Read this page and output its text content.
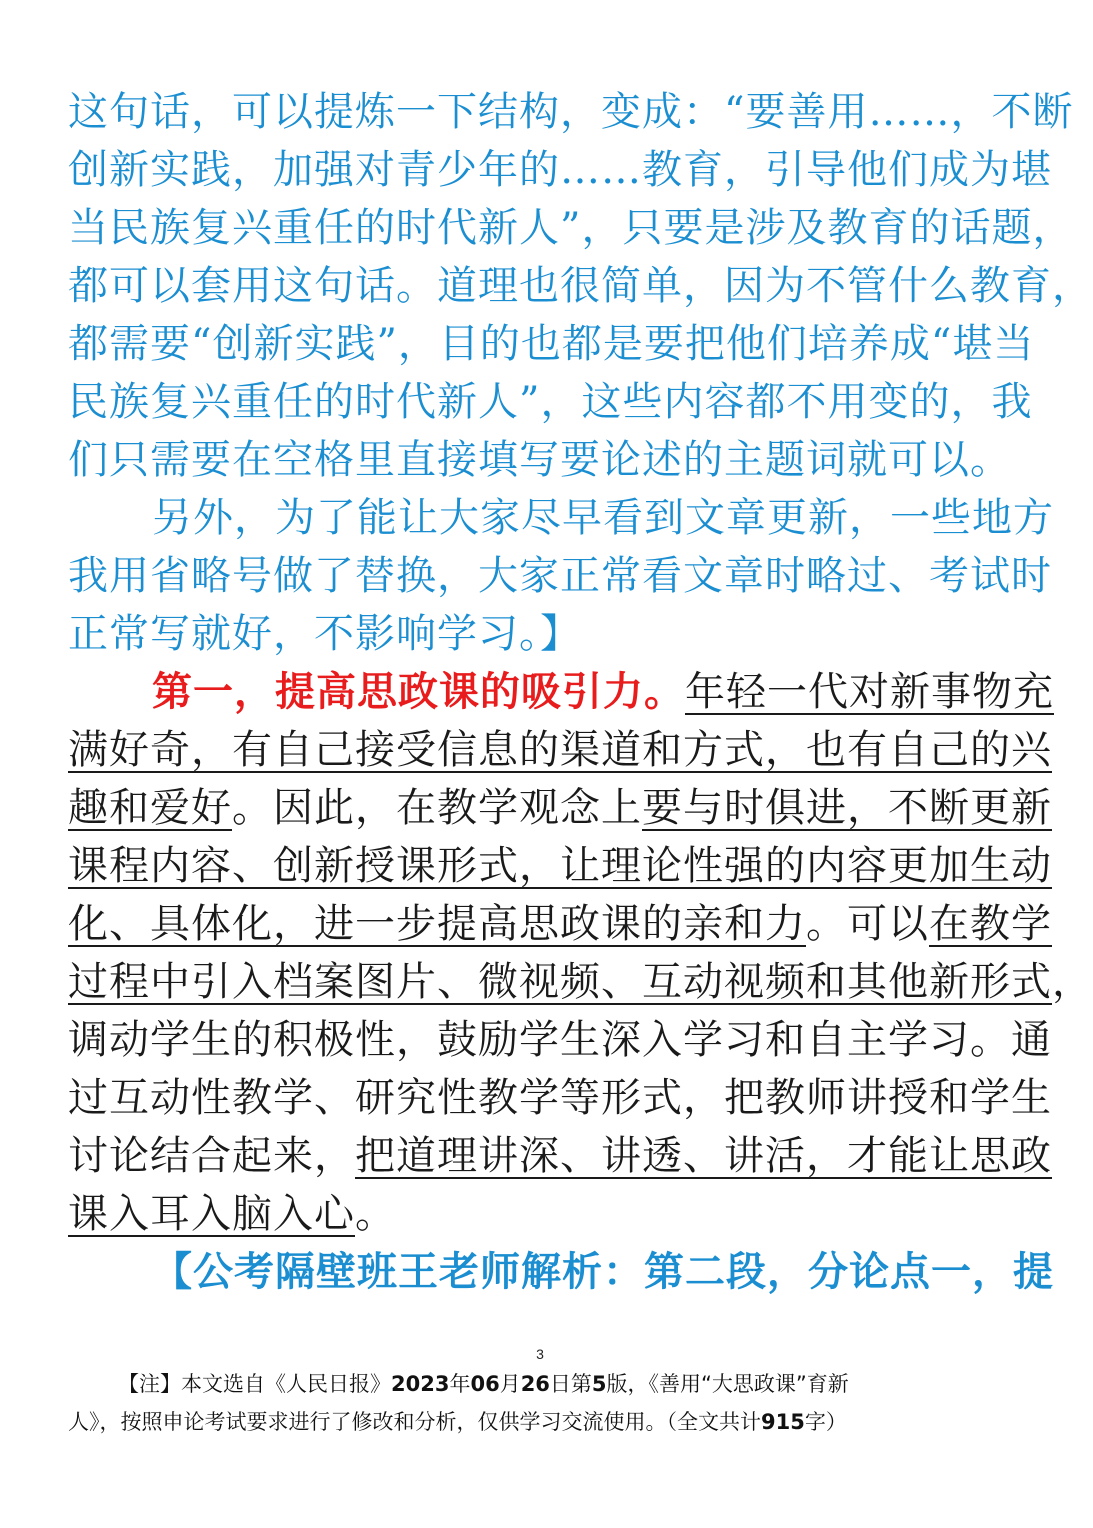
这句话，可以提炼一下结构，变成：“要善用……，不断
创新实践，加强对青少年的……教育，引导他们成为堪
当民族复兴重任的时代新人”，只要是涉及教育的话题，
都可以套用这句话。道理也很简单，因为不管什么教育，
都需要“创新实践”，目的也都是要把他们培养成“堪当
民族复兴重任的时代新人”，这些内容都不用变的，我
们只需要在空格里直接填写要论述的主题词就可以。
另外，为了能让大家尽早看到文章更新，一些地方
我用省略号做了替换，大家正常看文章时略过、考试时
正常写就好，不影响学习。】
第一，提高思政课的吸引力。年轻一代对新事物充
满好奇，有自己接受信息的渠道和方式，也有自己的兴
趣和爱好。因此，在教学观念上要与时俱进，不断更新
课程内容、创新授课形式，让理论性强的内容更加生动
化、具体化，进一步提高思政课的亲和力。可以在教学
过程中引入档案图片、微视频、互动视频和其他新形式，
调动学生的积极性，鼓励学生深入学习和自主学习。通
过互动性教学、研究性教学等形式，把教师讲授和学生
讨论结合起来，把道理讲深、讲透、讲活，才能让思政
课入耳入脑入心。
【公考隔壁班王老师解析：第二段，分论点一，提
3
【注】本文选自《人民日报》2023年06月26日第5版，《善用“大思政课”育新
人》，按照申论考试要求进行了修改和分析，仅供学习交流使用。（全文共计915字）
